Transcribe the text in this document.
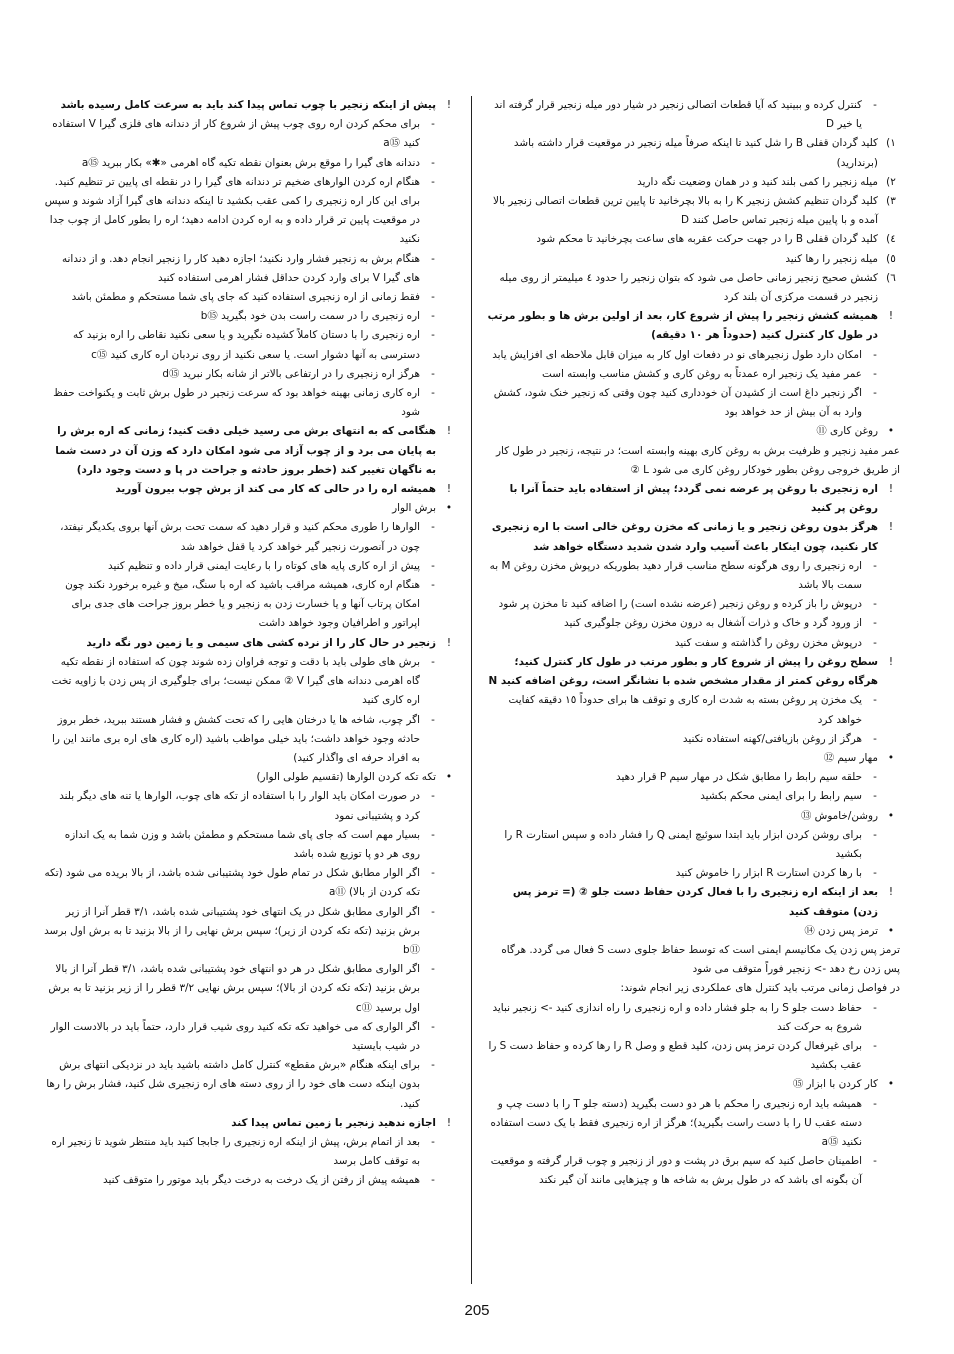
-
کنترل کرده و ببینید که آیا قطعات اتصالی زنجیر در شیار دور میله زنجیر قرار گرفته اند یا خیر D
١)
کلید گردان قفلی B را شل کنید تا اینکه صرفاً میله زنجیر در موقعیت قرار داشته باشد (برندارید)
٢)
میله زنجیر را کمی بلند کنید و در همان وضعیت نگه دارید
٣)
کلید گردان تنظیم کشش زنجیر K را به بالا بچرخانید تا پایین ترین قطعات اتصالی زنجیر بالا آمده و با پایین میله زنجیر تماس حاصل کنند D
٤)
کلید گردان قفلی B را در جهت حرکت عقربه های ساعت بچرخانید تا محکم شود
٥)
میله زنجیر را رها کنید
٦)
کشش صحیح زنجیر زمانی حاصل می شود که بتوان زنجیر را حدود ٤ میلیمتر از روی میله زنجیر در قسمت مرکزی آن بلند کرد
!
همیشه کشش زنجیر را پیش از شروع کار، بعد از اولین برش ها و بطور مرتب در طول کار کنترل کنید (حدوداً هر ١٠ دقیقه)
-
امکان دارد طول زنجیرهای نو در دفعات اول کار به میزان قابل ملاحظه ای افزایش یابد
-
عمر مفید یک زنجیر اره عمدتاً به روغن کاری و کشش مناسب وابسته است
-
اگر زنجیر داغ است از کشیدن آن خودداری کنید چون وقتی که زنجیر خنک شود، کشش وارد به آن بیش از حد خواهد بود
•
روغن کاری ⑪
عمر مفید زنجیر و ظرفیت برش به روغن کاری بهینه وابسته است؛ در نتیجه، زنجیر در طول کار از طریق خروجی روغن بطور خودکار روغن کاری می شود L ②
!
اره زنجیری با روغن پر عرضه نمی گردد؛ پیش از استفاده باید حتماً آنرا با روغن پر کنید
!
هرگز بدون روغن زنجیر و یا زمانی که مخزن روغن خالی است با اره زنجیری کار نکنید، چون اینکار باعث آسیب وارد شدن شدید دستگاه خواهد شد
-
اره زنجیری را روی هرگونه سطح مناسب قرار دهید بطوریکه درپوش مخزن روغن M به سمت بالا باشد
-
درپوش را باز کرده و روغن زنجیر (عرضه نشده است) را اضافه کنید تا مخزن پر شود
-
از ورود گرد و خاک و ذرات آشغال به درون مخزن روغن جلوگیری کنید
-
درپوش مخزن روغن را گذاشته و سفت کنید
!
سطح روغن را پیش از شروع کار و بطور مرتب در طول کار کنترل کنید؛ هرگاه روغن کمتر از مقدار مشخص شده با نشانگر است، روغن اضافه کنید N
-
یک مخزن پر روغن بسته به شدت اره کاری و توقف ها برای حدوداً ١٥ دقیقه کفایت خواهد کرد
-
هرگز از روغن بازیافتی/کهنه استفاده نکنید
•
مهار سیم ⑫
-
حلقه سیم رابط را مطابق شکل در مهار سیم P قرار دهید
-
سیم رابط را برای ایمنی محکم بکشید
•
روشن/خاموش ⑬
-
برای روشن کردن ابزار باید ابتدا سوئیچ ایمنی Q را فشار داده و سپس استارت R را بکشید
-
با رها کردن استارت R ابزار را خاموش کنید
!
بعد از اینکه اره زنجیری را با فعال کردن حفاظ دست جلو ② (= ترمز پس زدن) متوقف کنید
•
ترمز پس زدن ⑭
ترمز پس زدن یک مکانیسم ایمنی است که توسط حفاظ جلوی دست S فعال می گردد. هرگاه پس زدن رخ دهد -> زنجیر فوراً متوقف می شود
در فواصل زمانی مرتب باید کنترل های عملکردی زیر انجام شوند:
-
حفاظ دست جلو S را به جلو فشار داده و اره زنجیری را راه اندازی کنید -> زنجیر نباید شروع به حرکت کند
-
برای غیرفعال کردن ترمز پس زدن، کلید قطع و وصل R را رها کرده و حفاظ دست S را عقب بکشید
•
کار کردن با ابزار ⑮
-
همیشه باید اره زنجیری را محکم با هر دو دست بگیرید (دسته جلو T را با دست چپ و دسته عقب U را با دست راست بگیرید)؛ هرگز از اره زنجیری فقط با یک دست استفاده نکنید ⑮a
-
اطمینان حاصل کنید که سیم برق در پشت و دور از زنجیر و چوب قرار گرفته و موقعیت آن بگونه ای باشد که در طول برش به شاخه ها و چیزهایی مانند آن گیر نکند
!
پیش از اینکه زنجیر با چوب تماس پیدا کند باید به سرعت کامل رسیده باشد
-
برای محکم کردن اره روی چوب پیش از شروع کار از دندانه های فلزی گیرا V استفاده کنید ⑮a
-
دندانه های گیرا را موقع برش بعنوان نقطه تکیه گاه اهرمی «✱» بکار ببرید ⑮a
-
هنگام اره کردن الوارهای ضخیم تر دندانه های گیرا را در نقطه ای پایین تر تنظیم کنید. برای این کار اره زنجیری را کمی عقب بکشید تا اینکه دندانه های گیرا آزاد شوند و سپس در موقعیت پایین تر قرار داده و به اره کردن ادامه دهید؛ اره را بطور کامل از چوب جدا نکنید
-
هنگام برش به زنجیر فشار وارد نکنید؛ اجازه دهید کار را زنجیر انجام دهد. و از دندانه های گیرا V برای وارد کردن حداقل فشار اهرمی استفاده کنید
-
فقط زمانی از اره زنجیری استفاده کنید که جای پای شما مستحکم و مطمئن باشد
-
اره زنجیری را در سمت راست بدن خود بگیرید ⑮b
-
اره زنجیری را با دستان کاملاً کشیده نگیرید و یا سعی نکنید نقاطی را اره بزنید که دسترسی به آنها دشوار است. یا سعی نکنید از روی نردبان اره کاری کنید ⑮c
-
هرگز اره زنجیری را در ارتفاعی بالاتر از شانه بکار نبرید ⑮d
-
اره کاری زمانی بهینه خواهد بود که سرعت زنجیر در طول برش ثابت و یکنواخت حفظ شود
!
هنگامی که به انتهای برش می رسید خیلی دقت کنید؛ زمانی که اره برش را به پایان می برد و از چوب آزاد می شود امکان دارد که وزن آن در دست شما به ناگهان تغییر کند (خطر بروز حادثه و جراحت در پا و دست وجود دارد)
!
همیشه اره را در حالی که کار می کند از برش چوب بیرون آورید
•
برش الوار
-
الوارها را طوری محکم کنید و قرار دهید که سمت تحت برش آنها بروی یکدیگر نیفتد، چون در آنصورت زنجیر گیر خواهد کرد یا قفل خواهد شد
-
پیش از اره کاری پایه های کوتاه را با رعایت ایمنی قرار داده و تنظیم کنید
-
هنگام اره کاری، همیشه مراقب باشید که اره با سنگ، میخ و غیره برخورد نکند چون امکان پرتاب آنها و یا خسارت زدن به زنجیر و یا خطر بروز جراحت های جدی برای اپراتور و اطرافیان وجود خواهد داشت
!
زنجیر در حال کار را از نرده کشی های سیمی و یا زمین دور نگه دارید
-
برش های طولی باید با دقت و توجه فراوان زده شوند چون که استفاده از نقطه تکیه گاه اهرمی دندانه های گیرا V ② ممکن نیست؛ برای جلوگیری از پس زدن با زاویه تخت اره کاری کنید
-
اگر چوب، شاخه ها یا درختان هایی را که تحت کشش و فشار هستند ببرید، خطر بروز حادثه وجود خواهد داشت؛ باید خیلی مواظب باشید (اره کاری های اره بری مانند این را به افراد حرفه ای واگذار کنید)
•
تکه تکه کردن الوارها (تقسیم طولی الوار)
-
در صورت امکان باید الوار را با استفاده از تکه های چوب، الوارها یا تنه های دیگر بلند کرد و پشتیبانی نمود
-
بسیار مهم است که جای پای شما مستحکم و مطمئن باشد و وزن شما به یک اندازه روی هر دو پا توزیع شده باشد
-
اگر الوار مطابق شکل در تمام طول خود پشتیبانی شده باشد، از بالا بریده می شود (تکه تکه کردن از بالا) ⑪a
-
اگر الواری مطابق شکل در یک انتهای خود پشتیبانی شده باشد، ٣/١ قطر آنرا از زیر برش بزنید (تکه تکه کردن از زیر)؛ سپس برش نهایی را از بالا بزنید تا به برش اول برسد ⑪b
-
اگر الواری مطابق شکل در هر دو انتهای خود پشتیبانی شده باشد، ٣/١ قطر آنرا از بالا برش بزنید (تکه تکه کردن از بالا)؛ سپس برش نهایی ٣/٢ قطر را از زیر بزنید تا به برش اول برسید ⑪c
-
اگر الواری که می خواهید تکه تکه کنید روی شیب قرار دارد، حتماً باید در بالادست الوار در شیب بایستید
-
برای اینکه هنگام «برش مقطع» کنترل کامل داشته باشید باید در نزدیکی انتهای برش بدون اینکه دست های خود را از روی دسته های اره زنجیری شل کنید، فشار برش را رها کنید.
!
اجازه ندهید زنجیر با زمین تماس پیدا کند
-
بعد از اتمام برش، پیش از اینکه اره زنجیری را جابجا کنید باید منتظر شوید تا زنجیر اره به توقف کامل برسد
-
همیشه پیش از رفتن از یک درخت به درخت دیگر باید موتور را متوقف کنید
205
